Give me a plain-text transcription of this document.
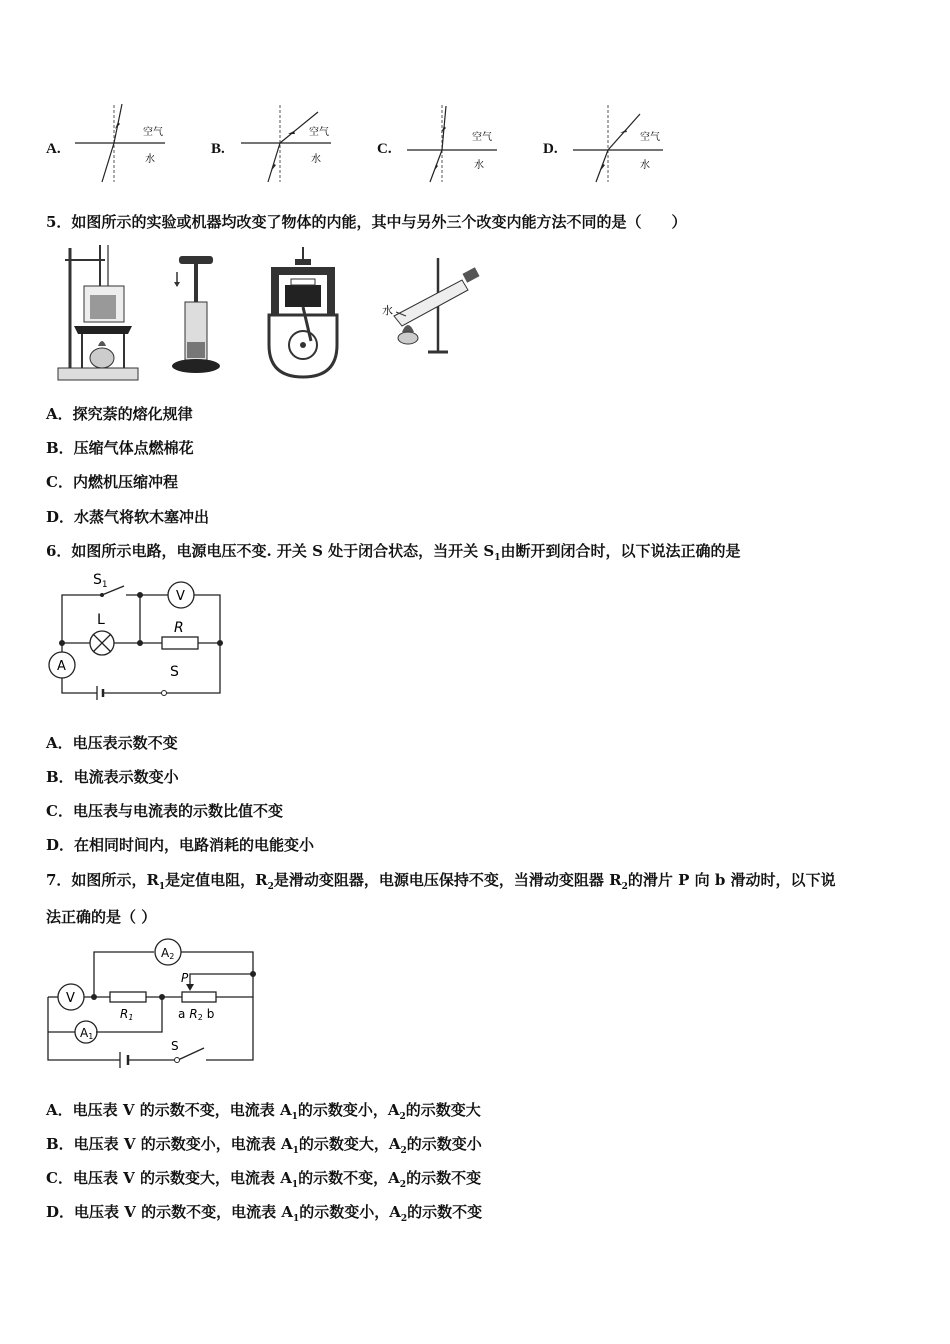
A.
空气
水
B.
空气
水
C.
空气
水
D.
空气
水
5．如图所示的实验或机器均改变了物体的内能，其中与另外三个改变内能方法不同的是（　　）
水
A．探究萘的熔化规律
B．压缩气体点燃棉花
C．内燃机压缩冲程
D．水蒸气将软木塞冲出
6．如图所示电路，电源电压不变. 开关 S 处于闭合状态，当开关 $S_1$由断开到闭合时，以下说法正确的是
$S_1$
V
L	R
A	S
A．电压表示数不变
B．电流表示数变小
C．电压表与电流表的示数比值不变
D．在相同时间内，电路消耗的电能变小
7．如图所示，$R_1$是定值电阻，$R_2$是滑动变阻器，电源电压保持不变，当滑动变阻器 $R_2$的滑片 P 向 b 滑动时，以下说
法正确的是（ ）
A2
V
P
R1	a R2 b
A1
S
A．电压表 V 的示数不变，电流表 $A_1$的示数变小，$A_2$的示数变大
B．电压表 V 的示数变小，电流表 $A_1$的示数变大，$A_2$的示数变小
C．电压表 V 的示数变大，电流表 $A_1$的示数不变，$A_2$的示数不变
D．电压表 V 的示数不变，电流表 $A_1$的示数变小，$A_2$的示数不变
